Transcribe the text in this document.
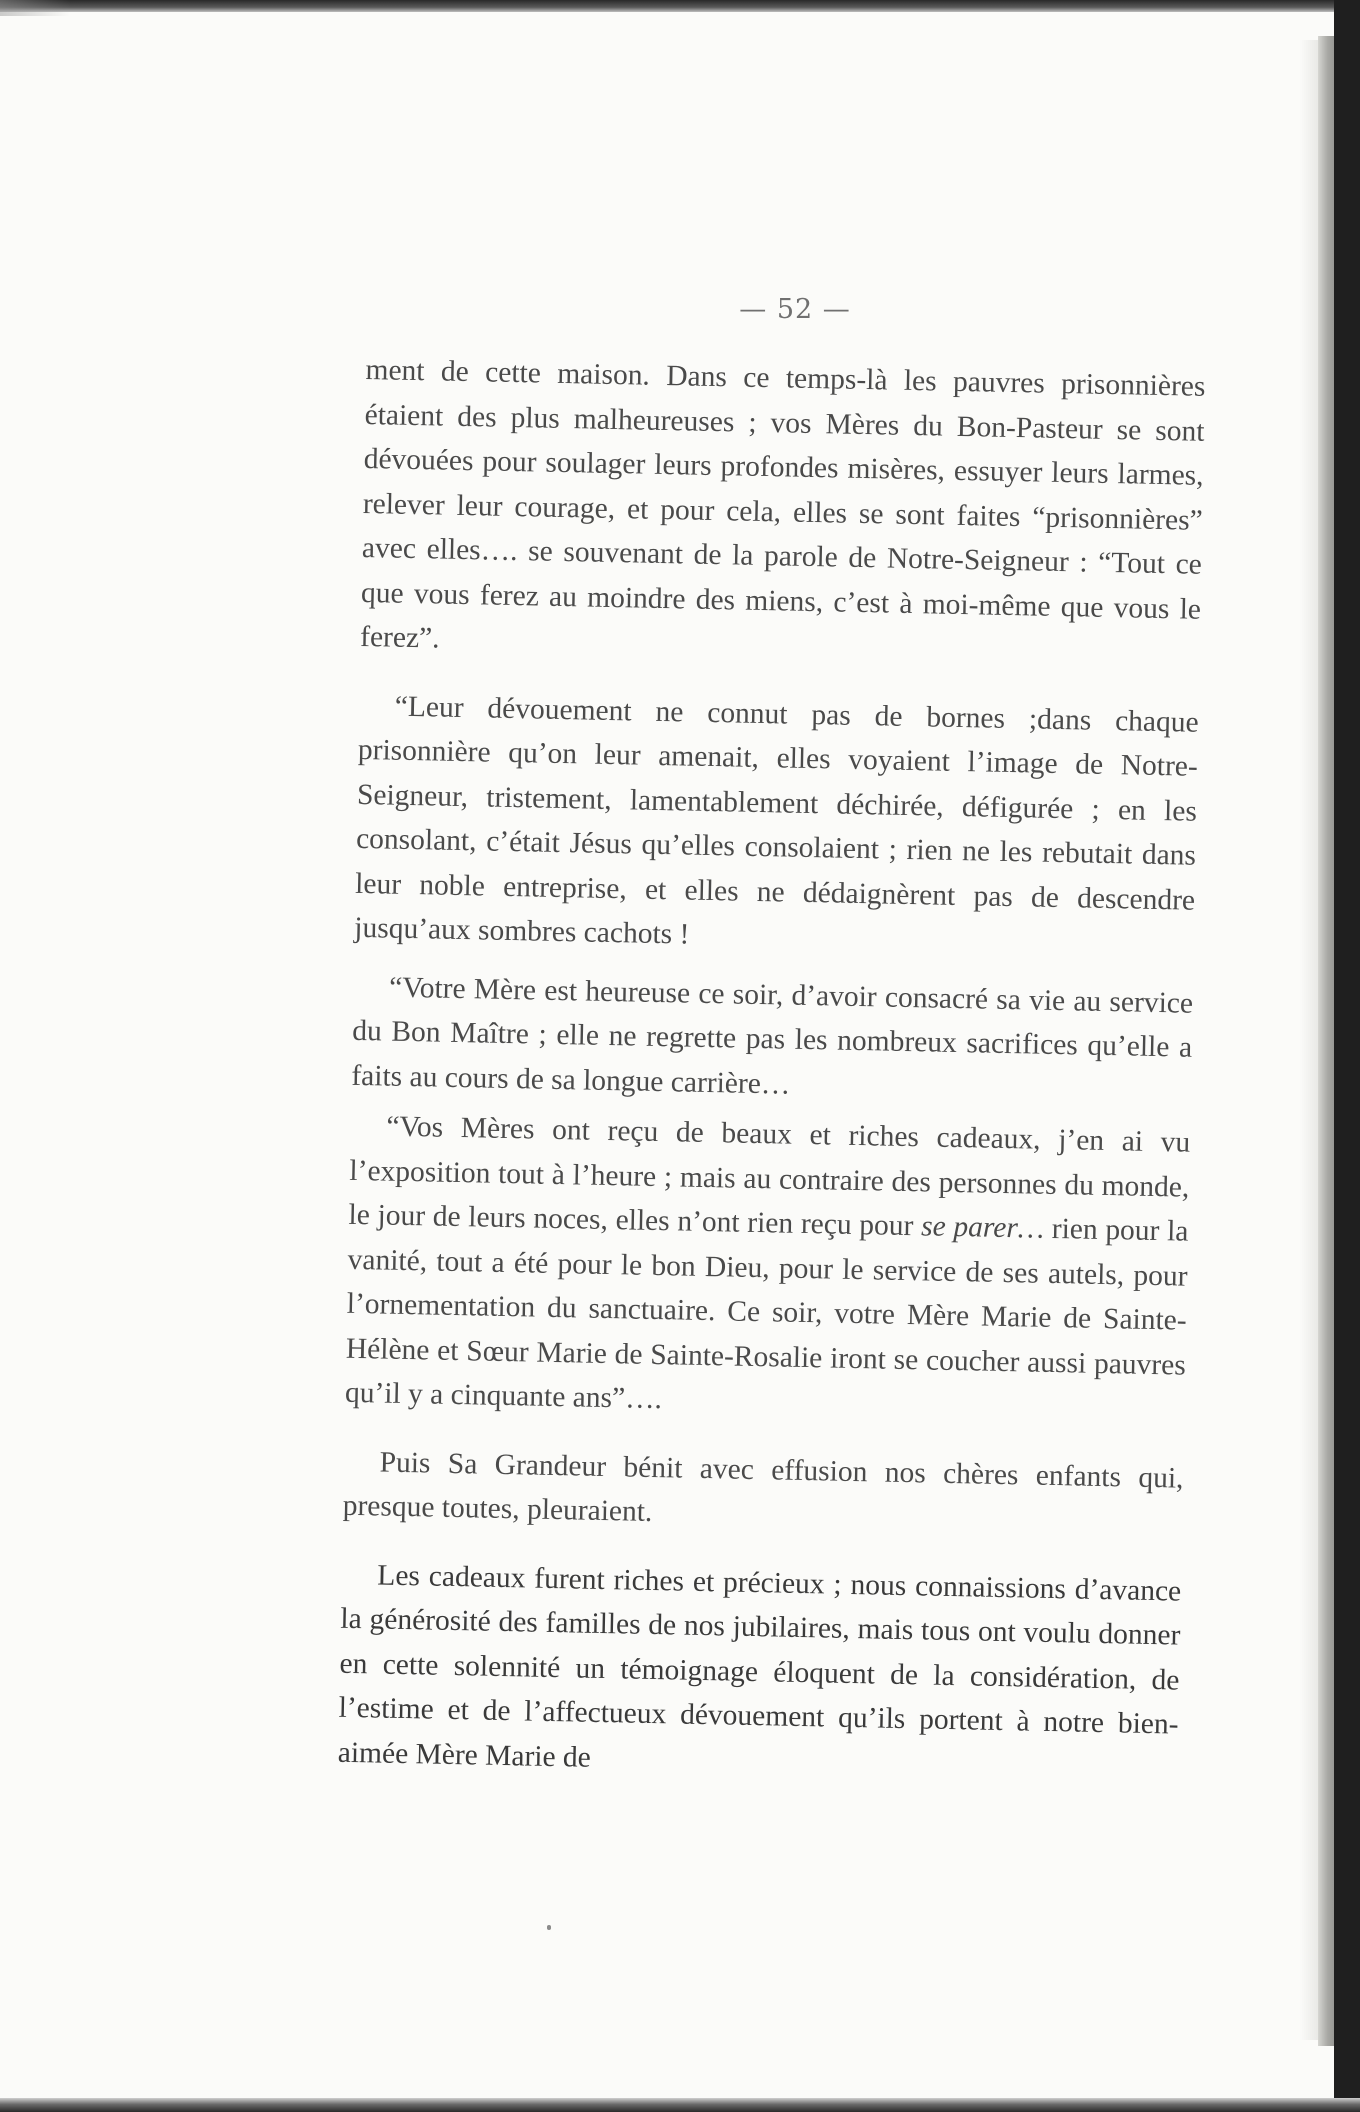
— 52 —

ment de cette maison. Dans ce temps-là les pauvres prisonnières étaient des plus malheureuses ; vos Mères du Bon-Pasteur se sont dévouées pour soulager leurs profondes misères, essuyer leurs larmes, relever leur courage, et pour cela, elles se sont faites “prisonnières” avec elles…. se souvenant de la parole de Notre-Seigneur : “Tout ce que vous ferez au moindre des miens, c’est à moi-même que vous le ferez”.

“Leur dévouement ne connut pas de bornes ;dans chaque prisonnière qu’on leur amenait, elles voyaient l’image de Notre-Seigneur, tristement, lamentablement déchirée, défigurée ; en les consolant, c’était Jésus qu’elles consolaient ; rien ne les rebutait dans leur noble entreprise, et elles ne dédaignèrent pas de descendre jusqu’aux sombres cachots !

“Votre Mère est heureuse ce soir, d’avoir consacré sa vie au service du Bon Maître ; elle ne regrette pas les nombreux sacrifices qu’elle a faits au cours de sa longue carrière…

“Vos Mères ont reçu de beaux et riches cadeaux, j’en ai vu l’exposition tout à l’heure ; mais au contraire des personnes du monde, le jour de leurs noces, elles n’ont rien reçu pour se parer… rien pour la vanité, tout a été pour le bon Dieu, pour le service de ses autels, pour l’ornementation du sanctuaire. Ce soir, votre Mère Marie de Sainte-Hélène et Sœur Marie de Sainte-Rosalie iront se coucher aussi pauvres qu’il y a cinquante ans”….

Puis Sa Grandeur bénit avec effusion nos chères enfants qui, presque toutes, pleuraient.

Les cadeaux furent riches et précieux ; nous connaissions d’avance la générosité des familles de nos jubilaires, mais tous ont voulu donner en cette solennité un témoignage éloquent de la considération, de l’estime et de l’affectueux dévouement qu’ils portent à notre bien-aimée Mère Marie de
